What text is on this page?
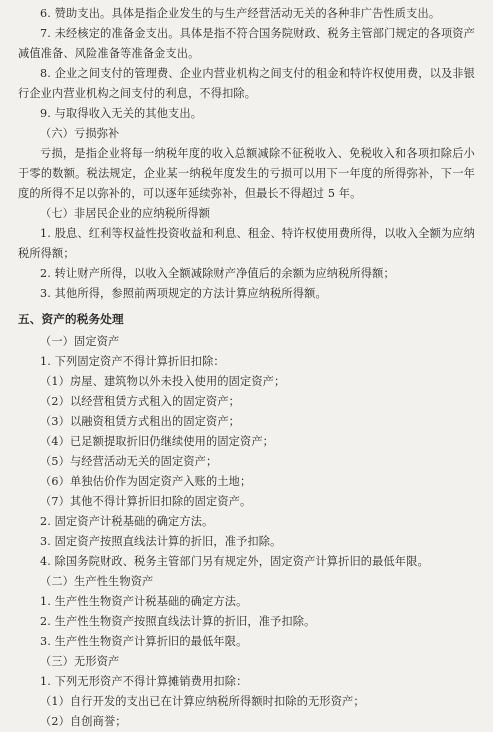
6. 赞助支出。具体是指企业发生的与生产经营活动无关的各种非广告性质支出。

7. 未经核定的准备金支出。具体是指不符合国务院财政、税务主管部门规定的各项资产减值准备、风险准备等准备金支出。

8. 企业之间支付的管理费、企业内营业机构之间支付的租金和特许权使用费，以及非银行企业内营业机构之间支付的利息，不得扣除。

9. 与取得收入无关的其他支出。

（六）亏损弥补

亏损，是指企业将每一纳税年度的收入总额减除不征税收入、免税收入和各项扣除后小于零的数额。税法规定，企业某一纳税年度发生的亏损可以用下一年度的所得弥补，下一年度的所得不足以弥补的，可以逐年延续弥补，但最长不得超过 5 年。

（七）非居民企业的应纳税所得额

1. 股息、红利等权益性投资收益和利息、租金、特许权使用费所得，以收入全额为应纳税所得额；

2. 转让财产所得，以收入全额减除财产净值后的余额为应纳税所得额；

3. 其他所得，参照前两项规定的方法计算应纳税所得额。

五、资产的税务处理

（一）固定资产

1. 下列固定资产不得计算折旧扣除：

（1）房屋、建筑物以外未投入使用的固定资产；

（2）以经营租赁方式租入的固定资产；

（3）以融资租赁方式租出的固定资产；

（4）已足额提取折旧仍继续使用的固定资产；

（5）与经营活动无关的固定资产；

（6）单独估价作为固定资产入账的土地；

（7）其他不得计算折旧扣除的固定资产。

2. 固定资产计税基础的确定方法。

3. 固定资产按照直线法计算的折旧，准予扣除。

4. 除国务院财政、税务主管部门另有规定外，固定资产计算折旧的最低年限。

（二）生产性生物资产

1. 生产性生物资产计税基础的确定方法。

2. 生产性生物资产按照直线法计算的折旧，准予扣除。

3. 生产性生物资产计算折旧的最低年限。

（三）无形资产

1. 下列无形资产不得计算摊销费用扣除：

（1）自行开发的支出已在计算应纳税所得额时扣除的无形资产；

（2）自创商誉；
